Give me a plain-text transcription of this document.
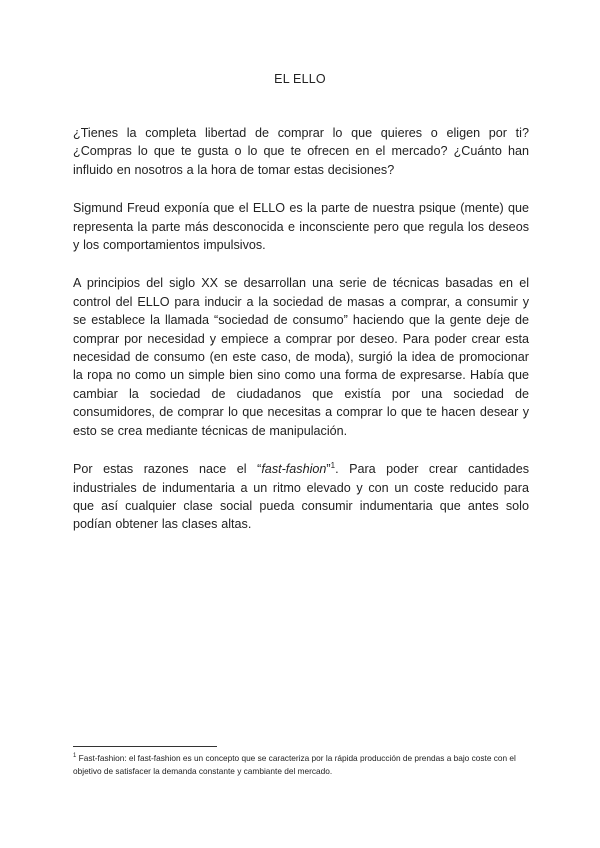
EL ELLO

¿Tienes la completa libertad de comprar lo que quieres o eligen por ti? ¿Compras lo que te gusta o lo que te ofrecen en el mercado? ¿Cuánto han influido en nosotros a la hora de tomar estas decisiones?

Sigmund Freud exponía que el ELLO es la parte de nuestra psique (mente) que representa la parte más desconocida e inconsciente pero que regula los deseos y los comportamientos impulsivos.

A principios del siglo XX se desarrollan una serie de técnicas basadas en el control del ELLO para inducir a la sociedad de masas a comprar, a consumir y se establece la llamada “sociedad de consumo” haciendo que la gente deje de comprar por necesidad y empiece a comprar por deseo. Para poder crear esta necesidad de consumo (en este caso, de moda), surgió la idea de promocionar la ropa no como un simple bien sino como una forma de expresarse. Había que cambiar la sociedad de ciudadanos que existía por una sociedad de consumidores, de comprar lo que necesitas a comprar lo que te hacen desear y esto se crea mediante técnicas de manipulación.

Por estas razones nace el “fast-fashion”$^1$. Para poder crear cantidades industriales de indumentaria a un ritmo elevado y con un coste reducido para que así cualquier clase social pueda consumir indumentaria que antes solo podían obtener las clases altas.

$^1$ Fast-fashion: el fast-fashion es un concepto que se caracteriza por la rápida producción de prendas a bajo coste con el objetivo de satisfacer la demanda constante y cambiante del mercado.
